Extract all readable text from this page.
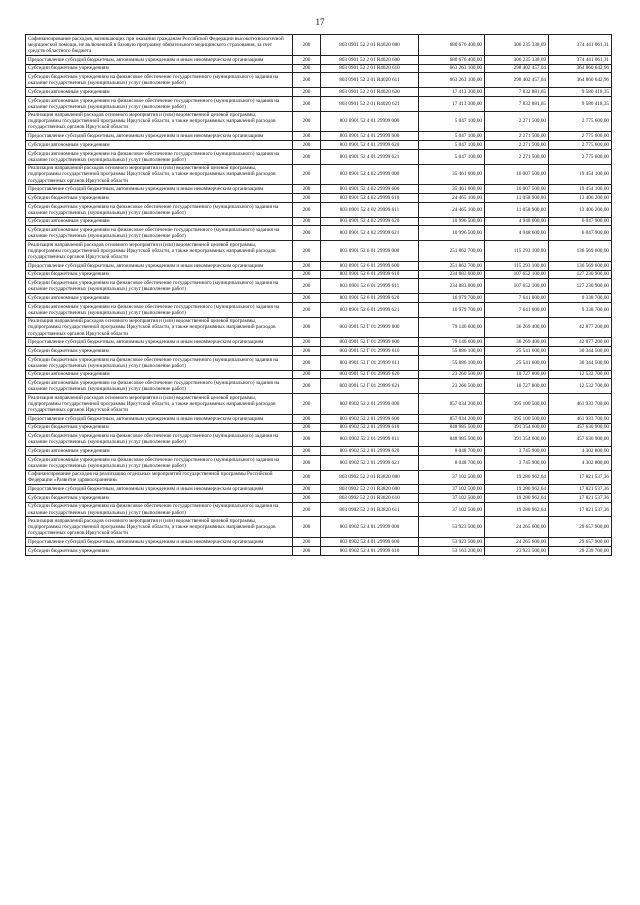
17
Софинансирование расходов, возникающих при оказании гражданам Российской Федерации высокотехнологичной медицинской помощи, не включенной в базовую программу обязательного медицинского страхования, за счет средств областного бюджета	200	803 0901 52 2 01 R4020 000	680 676 400,00	306 235 338,69	374 441 061,31
Предоставление субсидий бюджетным, автономным учреждениям и иным некоммерческим организациям	200	803 0901 52 2 01 R4020 600	680 676 400,00	306 235 338,69	374 441 061,31
Субсидии бюджетным учреждениям	200	803 0901 52 2 01 R4020 610	663 263 100,00	298 402 457,04	364 860 642,96
Субсидии бюджетным учреждениям на финансовое обеспечение государственного (муниципального) задания на оказание государственных (муниципальных) услуг (выполнение работ)	200	803 0901 52 2 01 R4020 611	663 263 100,00	298 402 457,04	364 860 642,96
Субсидии автономным учреждениям	200	803 0901 52 2 01 R4020 620	17 413 300,00	7 832 881,65	9 580 418,35
Субсидии автономным учреждениям на финансовое обеспечение государственного (муниципального) задания на оказание государственных (муниципальных) услуг (выполнение работ)	200	803 0901 52 2 01 R4020 621	17 413 300,00	7 832 881,65	9 580 418,35
Реализация направлений расходов основного мероприятия и (или) ведомственной целевой программы, подпрограммы государственной программы Иркутской области, а также непрограммных направлений расходов государственных органов Иркутской области	200	803 0901 52 4 01 29999 000	5 047 100,00	2 271 500,00	2 775 600,00
Предоставление субсидий бюджетным, автономным учреждениям и иным некоммерческим организациям	200	803 0901 52 4 01 29999 600	5 047 100,00	2 271 500,00	2 775 600,00
Субсидии автономным учреждениям	200	803 0901 52 4 01 29999 620	5 047 100,00	2 271 500,00	2 775 600,00
Субсидии автономным учреждениям на финансовое обеспечение государственного (муниципального) задания на оказание государственных (муниципальных) услуг (выполнение работ)	200	803 0901 52 4 01 29999 621	5 047 100,00	2 271 500,00	2 775 600,00
Реализация направлений расходов основного мероприятия и (или) ведомственной целевой программы, подпрограммы государственной программы Иркутской области, а также непрограммных направлений расходов государственных органов Иркутской области	200	803 0901 52 4 02 29999 000	35 461 000,00	16 007 500,00	19 454 100,00
Предоставление субсидий бюджетным, автономным учреждениям и иным некоммерческим организациям	200	803 0901 52 4 02 29999 600	35 461 000,00	16 007 500,00	19 454 100,00
Субсидии бюджетным учреждениям	200	803 0901 52 4 02 29999 610	24 465 100,00	11 058 900,00	13 406 200,00
Субсидии бюджетным учреждениям на финансовое обеспечение государственного (муниципального) задания на оказание государственных (муниципальных) услуг (выполнение работ)	200	803 0901 52 4 02 29999 611	24 465 100,00	11 058 900,00	13 406 200,00
Субсидии автономным учреждениям	200	803 0901 52 4 02 29999 620	10 996 500,00	4 948 600,00	6 047 900,00
Субсидии автономным учреждениям на финансовое обеспечение государственного (муниципального) задания на оказание государственных (муниципальных) услуг (выполнение работ)	200	803 0901 52 4 02 29999 621	10 996 500,00	4 948 600,00	6 047 900,00
Реализация направлений расходов основного мероприятия и (или) ведомственной целевой программы, подпрограммы государственной программы Иркутской области, а также непрограммных направлений расходов государственных органов Иркутской области	200	803 0901 52 6 01 29999 000	251 862 700,00	115 293 100,00	136 569 600,00
Предоставление субсидий бюджетным, автономным учреждениям и иным некоммерческим организациям	200	803 0901 52 6 01 29999 600	251 862 700,00	115 293 100,00	136 569 600,00
Субсидии бюджетным учреждениям	200	803 0901 52 6 01 29999 610	234 883 000,00	107 652 100,00	127 230 900,00
Субсидии бюджетным учреждениям на финансовое обеспечение государственного (муниципального) задания на оказание государственных (муниципальных) услуг (выполнение работ)	200	803 0901 52 6 01 29999 611	234 883 000,00	107 652 100,00	127 230 900,00
Субсидии автономным учреждениям	200	803 0901 52 6 01 29999 620	16 979 700,00	7 641 000,00	9 338 700,00
Субсидии автономным учреждениям на финансовое обеспечение государственного (муниципального) задания на оказание государственных (муниципальных) услуг (выполнение работ)	200	803 0901 52 6 01 29999 621	16 979 700,00	7 641 000,00	9 338 700,00
Реализация направлений расходов основного мероприятия и (или) ведомственной целевой программы, подпрограммы государственной программы Иркутской области, а также непрограммных направлений расходов государственных органов Иркутской области	200	803 0901 52 Г 01 29999 000	79 146 600,00	36 269 400,00	42 877 200,00
Предоставление субсидий бюджетным, автономным учреждениям и иным некоммерческим организациям	200	803 0901 52 Г 01 29999 600	79 146 600,00	36 269 400,00	42 877 200,00
Субсидии бюджетным учреждениям	200	803 0901 52 Г 01 29999 610	55 886 100,00	25 541 600,00	30 344 500,00
Субсидии бюджетным учреждениям на финансовое обеспечение государственного (муниципального) задания на оказание государственных (муниципальных) услуг (выполнение работ)	200	803 0901 52 Г 01 29999 611	55 886 100,00	25 541 600,00	30 344 500,00
Субсидии автономным учреждениям	200	803 0901 52 Г 01 29999 620	23 260 500,00	10 727 800,00	12 532 700,00
Субсидии автономным учреждениям на финансовое обеспечение государственного (муниципального) задания на оказание государственных (муниципальных) услуг (выполнение работ)	200	803 0901 52 Г 01 29999 621	23 260 500,00	10 727 800,00	12 532 700,00
Реализация направлений расходов основного мероприятия и (или) ведомственной целевой программы, подпрограммы государственной программы Иркутской области, а также непрограммных направлений расходов государственных органов Иркутской области	200	803 0902 52 2 01 29999 000	857 034 200,00	395 100 500,00	461 933 700,00
Предоставление субсидий бюджетным, автономным учреждениям и иным некоммерческим организациям	200	803 0902 52 2 01 29999 600	857 034 200,00	395 100 500,00	461 933 700,00
Субсидии бюджетным учреждениям	200	803 0902 52 2 01 29999 610	848 985 500,00	391 354 600,00	457 630 900,00
Субсидии бюджетным учреждениям на финансовое обеспечение государственного (муниципального) задания на оказание государственных (муниципальных) услуг (выполнение работ)	200	803 0902 52 2 01 29999 611	848 985 500,00	391 354 600,00	457 630 900,00
Субсидии автономным учреждениям	200	803 0902 52 2 01 29999 620	8 048 700,00	3 745 900,00	4 302 800,00
Субсидии автономным учреждениям на финансовое обеспечение государственного (муниципального) задания на оказание государственных (муниципальных) услуг (выполнение работ)	200	803 0902 52 2 01 29999 621	8 048 700,00	3 745 900,00	4 302 800,00
Софинансирование расходов на реализацию отдельных мероприятий государственной программы Российской Федерации «Развитие здравоохранения»	200	803 0902 52 2 01 R3820 000	37 102 500,00	19 280 962,64	17 821 537,36
Предоставление субсидий бюджетным, автономным учреждениям и иным некоммерческим организациям	200	803 0902 52 2 01 R3820 600	37 102 500,00	19 280 962,64	17 821 537,36
Субсидии бюджетным учреждениям	200	803 0902 52 2 01 R3820 610	37 102 500,00	19 280 962,64	17 821 537,36
Субсидии бюджетным учреждениям на финансовое обеспечение государственного (муниципального) задания на оказание государственных (муниципальных) услуг (выполнение работ)	200	803 0902 52 2 01 R3820 611	37 102 500,00	19 280 962,64	17 821 537,36
Реализация направлений расходов основного мероприятия и (или) ведомственной целевой программы, подпрограммы государственной программы Иркутской области, а также непрограммных направлений расходов государственных органов Иркутской области	200	803 0902 52 4 01 29999 000	53 923 500,00	24 265 600,00	29 657 900,00
Предоставление субсидий бюджетным, автономным учреждениям и иным некоммерческим организациям	200	803 0902 52 4 01 29999 600	53 923 500,00	24 265 600,00	29 657 900,00
Субсидии бюджетным учреждениям	200	803 0902 52 4 01 29999 610	53 163 200,00	23 923 500,00	29 239 700,00
